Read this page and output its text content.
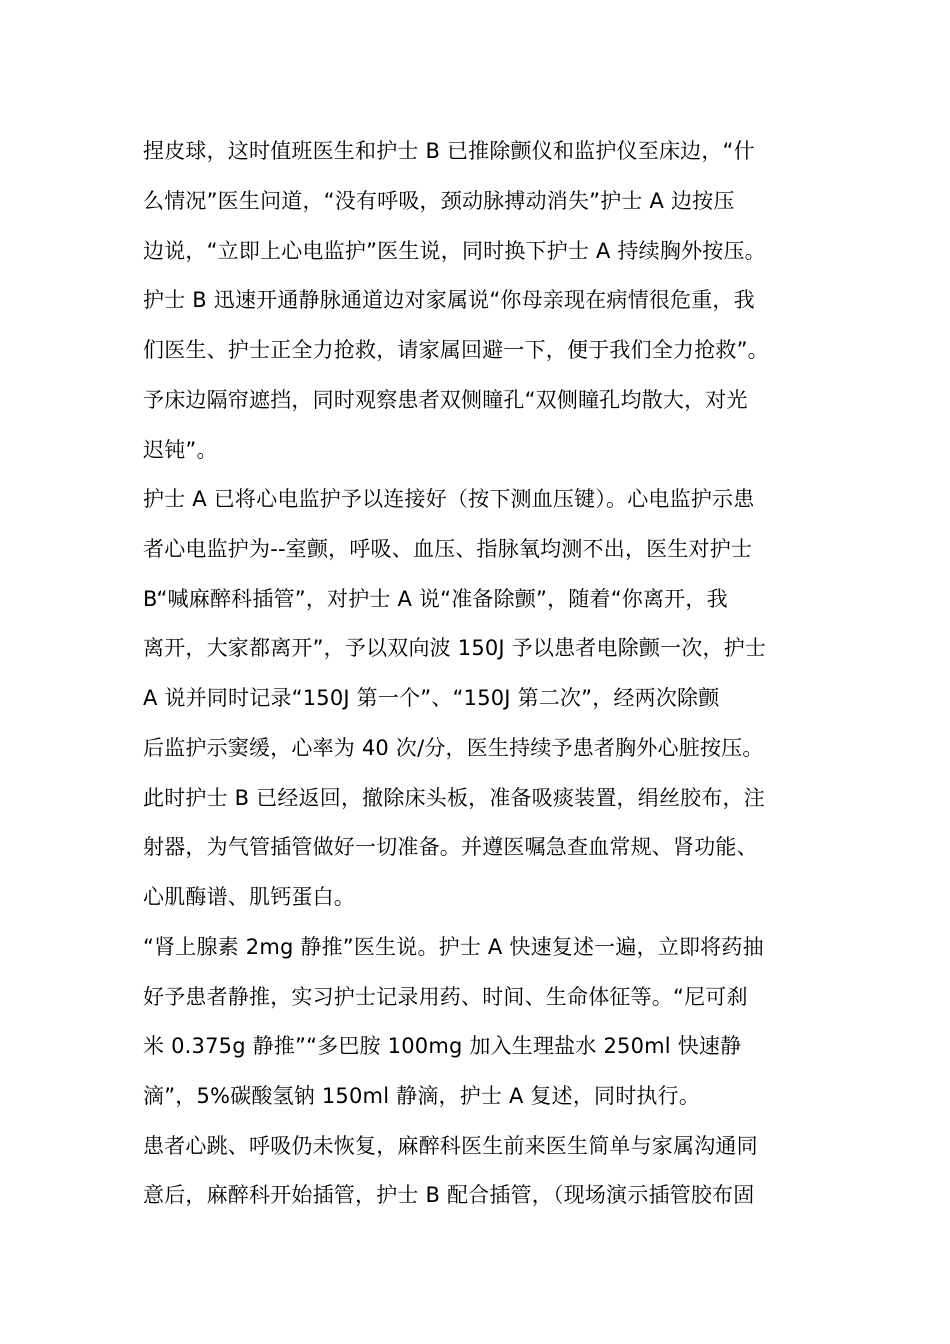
捏皮球，这时值班医生和护士 B 已推除颤仪和监护仪至床边，“什
么情况”医生问道，“没有呼吸，颈动脉搏动消失”护士 A 边按压
边说，“立即上心电监护”医生说，同时换下护士 A 持续胸外按压。
护士 B 迅速开通静脉通道边对家属说“你母亲现在病情很危重，我
们医生、护士正全力抢救，请家属回避一下，便于我们全力抢救”。
予床边隔帘遮挡，同时观察患者双侧瞳孔“双侧瞳孔均散大，对光
迟钝”。
护士 A 已将心电监护予以连接好（按下测血压键）。心电监护示患
者心电监护为--室颤，呼吸、血压、指脉氧均测不出，医生对护士
B“喊麻醉科插管”，对护士 A 说“准备除颤”，随着“你离开，我
离开，大家都离开”，予以双向波 150J 予以患者电除颤一次，护士
A 说并同时记录“150J 第一个”、“150J 第二次”，经两次除颤
后监护示窦缓，心率为 40 次/分，医生持续予患者胸外心脏按压。
此时护士 B 已经返回，撤除床头板，准备吸痰装置，绢丝胶布，注
射器，为气管插管做好一切准备。并遵医嘱急查血常规、肾功能、
心肌酶谱、肌钙蛋白。
“肾上腺素 2mg 静推”医生说。护士 A 快速复述一遍，立即将药抽
好予患者静推，实习护士记录用药、时间、生命体征等。“尼可刹
米 0.375g 静推”“多巴胺 100mg 加入生理盐水 250ml 快速静
滴”，5%碳酸氢钠 150ml 静滴，护士 A 复述，同时执行。
患者心跳、呼吸仍未恢复，麻醉科医生前来医生简单与家属沟通同
意后，麻醉科开始插管，护士 B 配合插管，（现场演示插管胶布固
